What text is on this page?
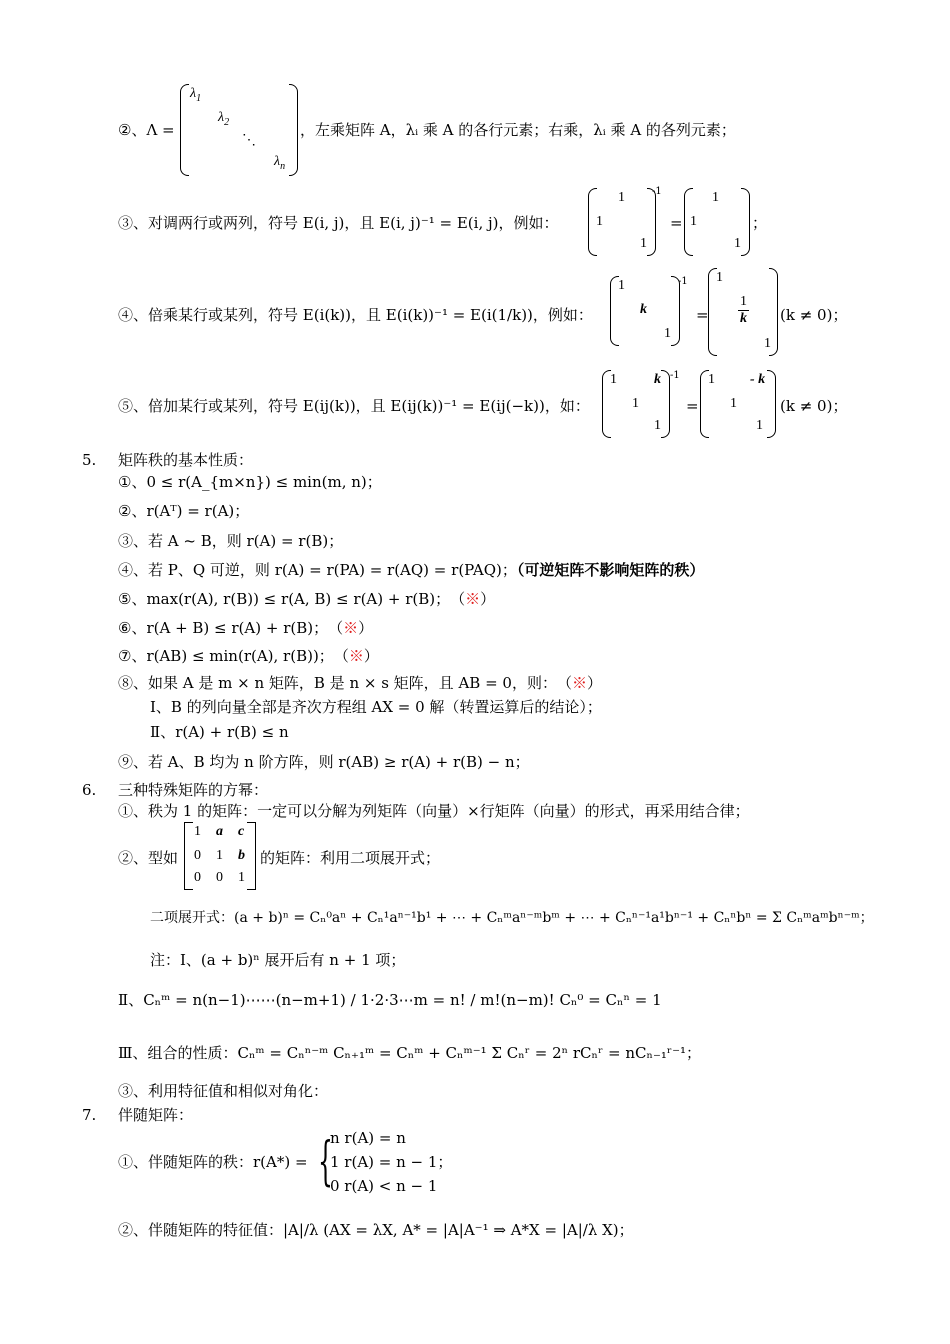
②、Λ =
$\lambda_1$
$\lambda_2$
⋱
$\lambda_n$
，左乘矩阵 A，λᵢ 乘 A 的各行元素；右乘，λᵢ 乘 A 的各列元素；
③、对调两行或两列，符号 E(i, j)，且 E(i, j)⁻¹ = E(i, j)，例如：
1
1
1
-1
=
1
1
1
；
④、倍乘某行或某列，符号 E(i(k))，且 E(i(k))⁻¹ = E(i(1/k))，例如：
1
k
1
-1
=
1
$\frac{1}{k}$
1
(k ≠ 0)；
⑤、倍加某行或某列，符号 E(ij(k))，且 E(ij(k))⁻¹ = E(ij(−k))，如：
1	k
1
1
-1
=
1	- k
1
1
(k ≠ 0)；
5. 矩阵秩的基本性质：
①、0 ≤ r(A_{m×n}) ≤ min(m, n)；
②、r(Aᵀ) = r(A)；
③、若 A ~ B，则 r(A) = r(B)；
④、若 P、Q 可逆，则 r(A) = r(PA) = r(AQ) = r(PAQ)；（可逆矩阵不影响矩阵的秩）
⑤、max(r(A), r(B)) ≤ r(A, B) ≤ r(A) + r(B)；　（※）
⑥、r(A + B) ≤ r(A) + r(B)；　（※）
⑦、r(AB) ≤ min(r(A), r(B))；　（※）
⑧、如果 A 是 m × n 矩阵，B 是 n × s 矩阵，且 AB = 0，则：　（※）
Ⅰ、B 的列向量全部是齐次方程组 AX = 0 解（转置运算后的结论）；
Ⅱ、r(A) + r(B) ≤ n
⑨、若 A、B 均为 n 阶方阵，则 r(AB) ≥ r(A) + r(B) − n；
6. 三种特殊矩阵的方幂：
①、秩为 1 的矩阵：一定可以分解为列矩阵（向量）×行矩阵（向量）的形式，再采用结合律；
②、型如
1 a c
0 1 b
0 0 1
的矩阵：利用二项展开式；
二项展开式：(a + b)ⁿ = Cₙ⁰aⁿ + Cₙ¹aⁿ⁻¹b¹ + ⋯ + Cₙᵐaⁿ⁻ᵐbᵐ + ⋯ + Cₙⁿ⁻¹a¹bⁿ⁻¹ + Cₙⁿbⁿ = Σ Cₙᵐaᵐbⁿ⁻ᵐ；
注：Ⅰ、(a + b)ⁿ 展开后有 n + 1 项；
Ⅱ、Cₙᵐ = n(n−1)⋯⋯(n−m+1) / 1·2·3⋯m = n! / m!(n−m)! Cₙ⁰ = Cₙⁿ = 1
Ⅲ、组合的性质：Cₙᵐ = Cₙⁿ⁻ᵐ Cₙ₊₁ᵐ = Cₙᵐ + Cₙᵐ⁻¹ Σ Cₙʳ = 2ⁿ rCₙʳ = nCₙ₋₁ʳ⁻¹；
③、利用特征值和相似对角化：
7. 伴随矩阵：
①、伴随矩阵的秩：r(A*) = {
n r(A) = n
1 r(A) = n − 1；
0 r(A) < n − 1
②、伴随矩阵的特征值：|A|/λ (AX = λX, A* = |A|A⁻¹ ⇒ A*X = |A|/λ X)；
